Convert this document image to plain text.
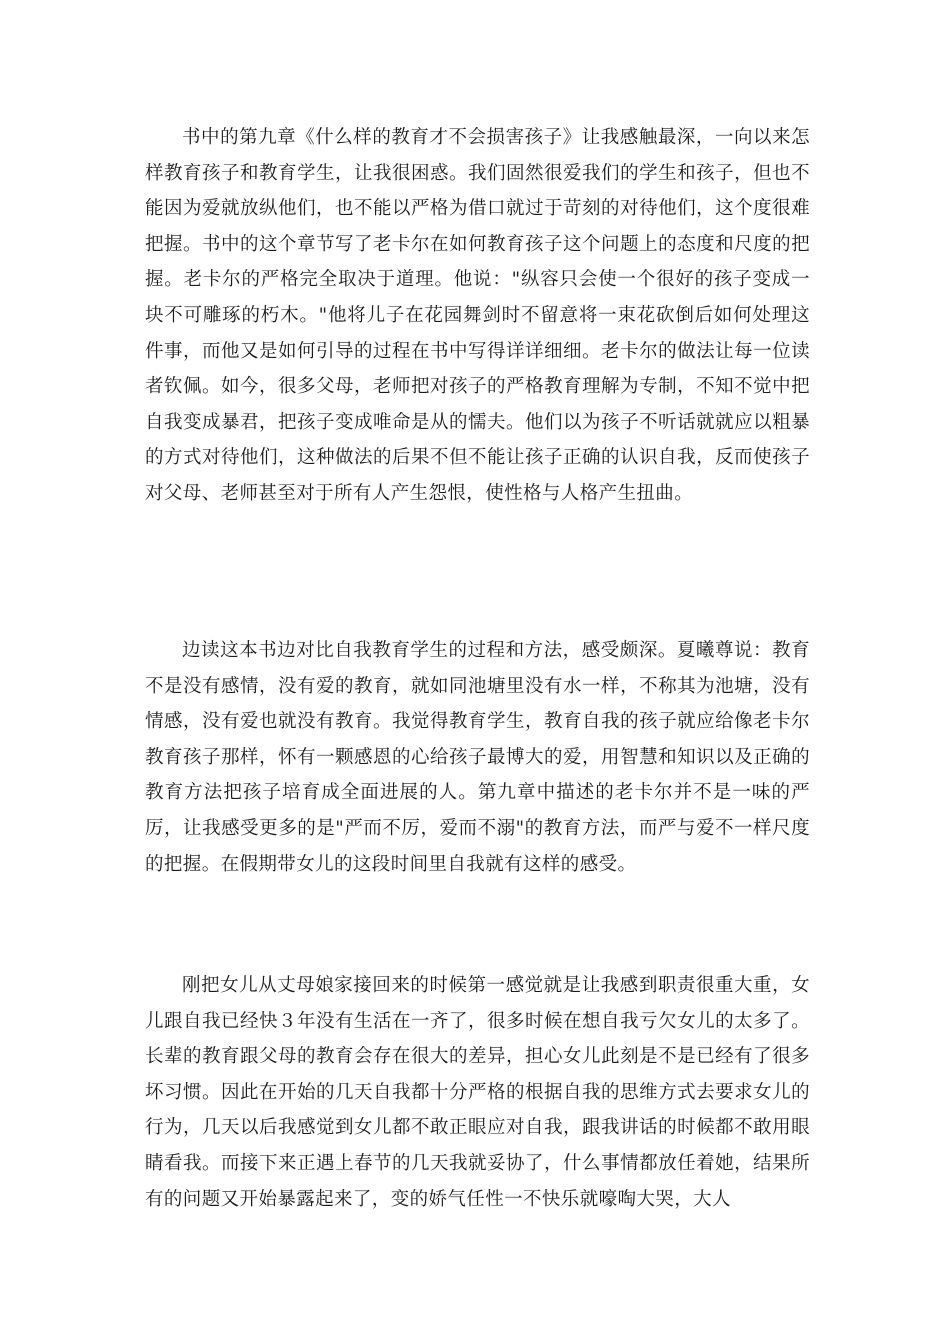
书中的第九章《什么样的教育才不会损害孩子》让我感触最深，一向以来怎样教育孩子和教育学生，让我很困惑。我们固然很爱我们的学生和孩子，但也不能因为爱就放纵他们，也不能以严格为借口就过于苛刻的对待他们，这个度很难把握。书中的这个章节写了老卡尔在如何教育孩子这个问题上的态度和尺度的把握。老卡尔的严格完全取决于道理。他说："纵容只会使一个很好的孩子变成一块不可雕琢的朽木。"他将儿子在花园舞剑时不留意将一束花砍倒后如何处理这件事，而他又是如何引导的过程在书中写得详详细细。老卡尔的做法让每一位读者钦佩。如今，很多父母，老师把对孩子的严格教育理解为专制，不知不觉中把自我变成暴君，把孩子变成唯命是从的懦夫。他们以为孩子不听话就就应以粗暴的方式对待他们，这种做法的后果不但不能让孩子正确的认识自我，反而使孩子对父母、老师甚至对于所有人产生怨恨，使性格与人格产生扭曲。

边读这本书边对比自我教育学生的过程和方法，感受颇深。夏曦尊说：教育不是没有感情，没有爱的教育，就如同池塘里没有水一样，不称其为池塘，没有情感，没有爱也就没有教育。我觉得教育学生，教育自我的孩子就应给像老卡尔教育孩子那样，怀有一颗感恩的心给孩子最博大的爱，用智慧和知识以及正确的教育方法把孩子培育成全面进展的人。第九章中描述的老卡尔并不是一味的严厉，让我感受更多的是"严而不厉，爱而不溺"的教育方法，而严与爱不一样尺度的把握。在假期带女儿的这段时间里自我就有这样的感受。

刚把女儿从丈母娘家接回来的时候第一感觉就是让我感到职责很重大重，女儿跟自我已经快３年没有生活在一齐了，很多时候在想自我亏欠女儿的太多了。长辈的教育跟父母的教育会存在很大的差异，担心女儿此刻是不是已经有了很多坏习惯。因此在开始的几天自我都十分严格的根据自我的思维方式去要求女儿的行为，几天以后我感觉到女儿都不敢正眼应对自我，跟我讲话的时候都不敢用眼睛看我。而接下来正遇上春节的几天我就妥协了，什么事情都放任着她，结果所有的问题又开始暴露起来了，变的娇气任性一不快乐就嚎啕大哭，大人
